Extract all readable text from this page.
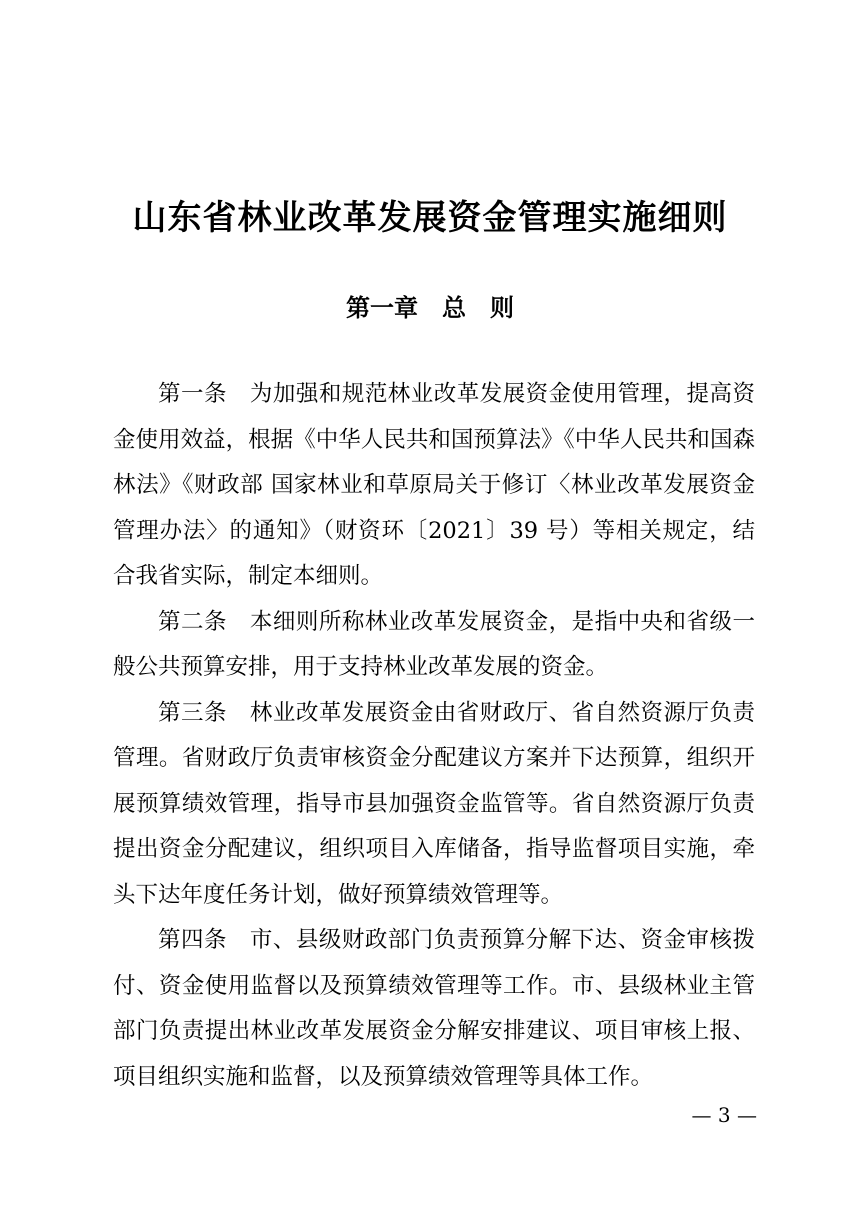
山东省林业改革发展资金管理实施细则
第一章　总　则

第一条　为加强和规范林业改革发展资金使用管理，提高资金使用效益，根据《中华人民共和国预算法》《中华人民共和国森林法》《财政部 国家林业和草原局关于修订〈林业改革发展资金管理办法〉的通知》（财资环〔2021〕39 号）等相关规定，结合我省实际，制定本细则。

第二条　本细则所称林业改革发展资金，是指中央和省级一般公共预算安排，用于支持林业改革发展的资金。

第三条　林业改革发展资金由省财政厅、省自然资源厅负责管理。省财政厅负责审核资金分配建议方案并下达预算，组织开展预算绩效管理，指导市县加强资金监管等。省自然资源厅负责提出资金分配建议，组织项目入库储备，指导监督项目实施，牵头下达年度任务计划，做好预算绩效管理等。

第四条　市、县级财政部门负责预算分解下达、资金审核拨付、资金使用监督以及预算绩效管理等工作。市、县级林业主管部门负责提出林业改革发展资金分解安排建议、项目审核上报、项目组织实施和监督，以及预算绩效管理等具体工作。

— 3 —
